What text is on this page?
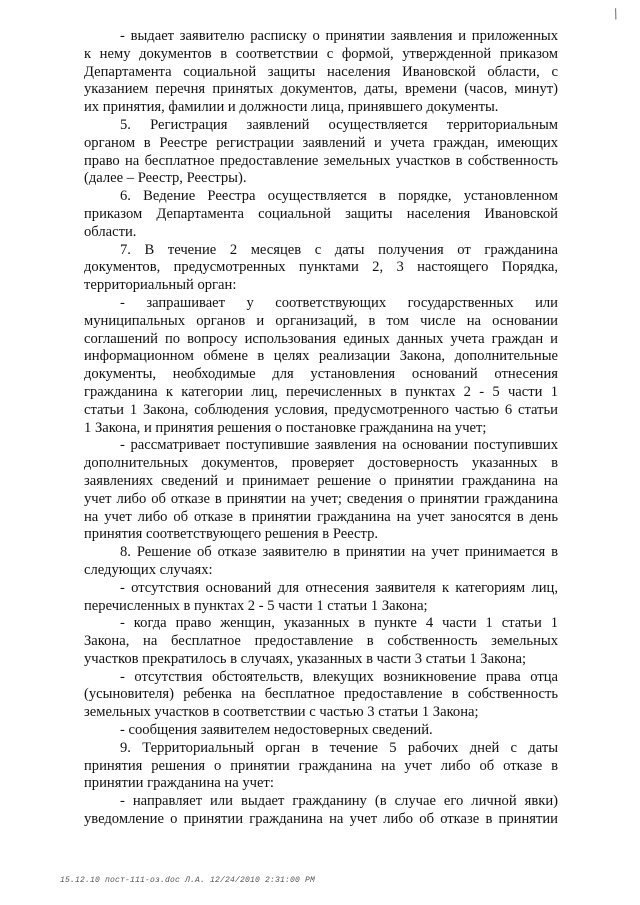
/
- выдает заявителю расписку о принятии заявления и приложенных
к нему документов в соответствии с формой, утвержденной приказом
Департамента социальной защиты населения Ивановской области, с
указанием перечня принятых документов, даты, времени (часов, минут)
их принятия, фамилии и должности лица, принявшего документы.
5. Регистрация заявлений осуществляется территориальным
органом в Реестре регистрации заявлений и учета граждан, имеющих
право на бесплатное предоставление земельных участков в собственность
(далее – Реестр, Реестры).
6. Ведение Реестра осуществляется в порядке, установленном
приказом Департамента социальной защиты населения Ивановской
области.
7. В течение 2 месяцев с даты получения от гражданина
документов, предусмотренных пунктами 2, 3 настоящего Порядка,
территориальный орган:
- запрашивает у соответствующих государственных или
муниципальных органов и организаций, в том числе на основании
соглашений по вопросу использования единых данных учета граждан и
информационном обмене в целях реализации Закона, дополнительные
документы, необходимые для установления оснований отнесения
гражданина к категории лиц, перечисленных в пунктах 2 - 5 части 1
статьи 1 Закона, соблюдения условия, предусмотренного частью 6 статьи
1 Закона, и принятия решения о постановке гражданина на учет;
- рассматривает поступившие заявления на основании поступивших
дополнительных документов, проверяет достоверность указанных в
заявлениях сведений и принимает решение о принятии гражданина на
учет либо об отказе в принятии на учет; сведения о принятии гражданина
на учет либо об отказе в принятии гражданина на учет заносятся в день
принятия соответствующего решения в Реестр.
8. Решение об отказе заявителю в принятии на учет принимается в
следующих случаях:
- отсутствия оснований для отнесения заявителя к категориям лиц,
перечисленных в пунктах 2 - 5 части 1 статьи 1 Закона;
- когда право женщин, указанных в пункте 4 части 1 статьи 1
Закона, на бесплатное предоставление в собственность земельных
участков прекратилось в случаях, указанных в части 3 статьи 1 Закона;
- отсутствия обстоятельств, влекущих возникновение права отца
(усыновителя) ребенка на бесплатное предоставление в собственность
земельных участков в соответствии с частью 3 статьи 1 Закона;
- сообщения заявителем недостоверных сведений.
9. Территориальный орган в течение 5 рабочих дней с даты
принятия решения о принятии гражданина на учет либо об отказе в
принятии гражданина на учет:
- направляет или выдает гражданину (в случае его личной явки)
уведомление о принятии гражданина на учет либо об отказе в принятии
15.12.10 пост-111-оз.doc Л.А. 12/24/2010 2:31:00 PM
